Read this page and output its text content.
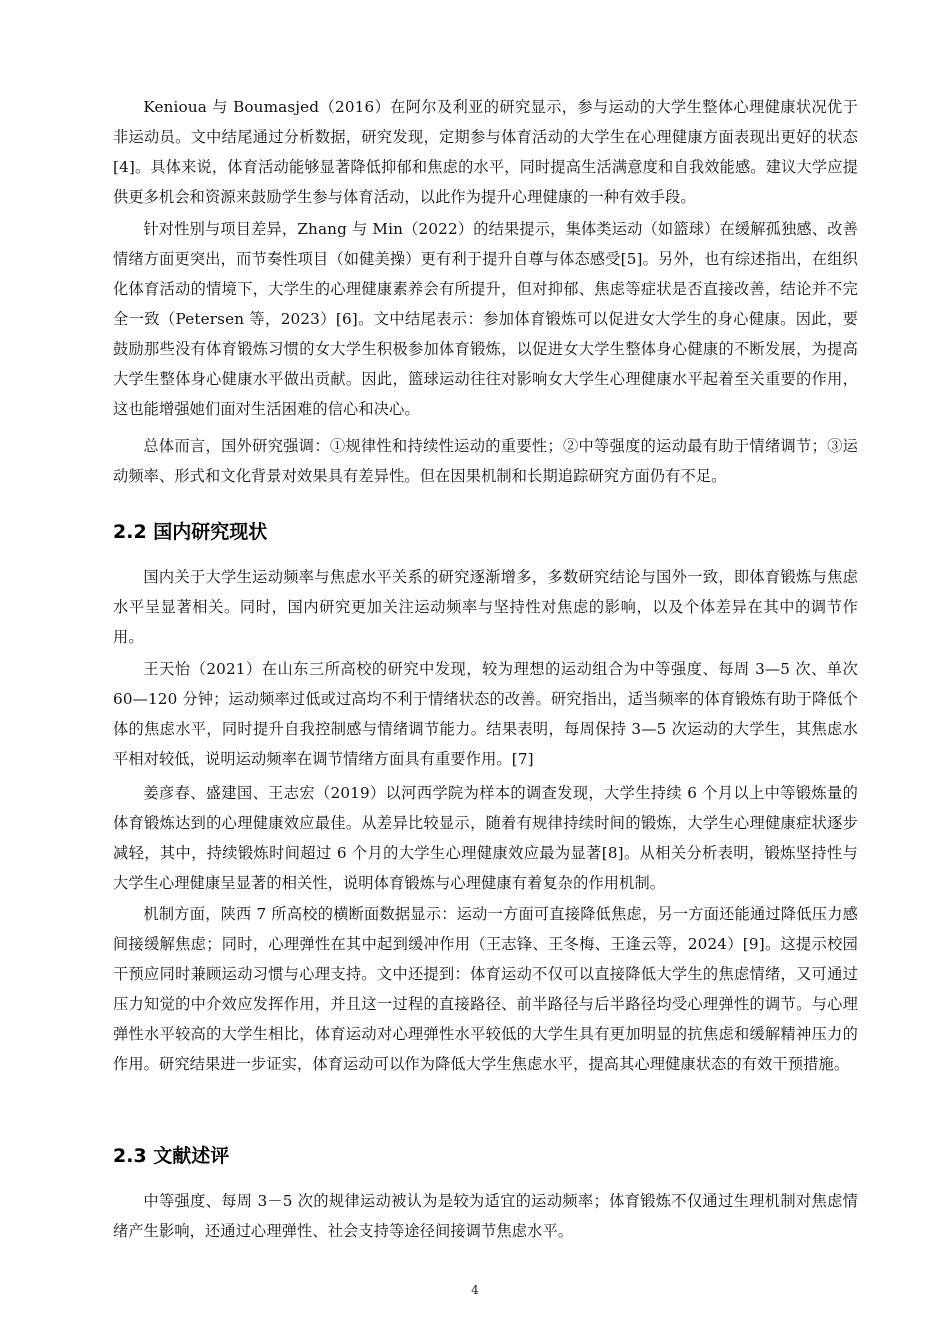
Kenioua 与 Boumasjed（2016）在阿尔及利亚的研究显示，参与运动的大学生整体心理健康状况优于非运动员。文中结尾通过分析数据，研究发现，定期参与体育活动的大学生在心理健康方面表现出更好的状态[4]。具体来说，体育活动能够显著降低抑郁和焦虑的水平，同时提高生活满意度和自我效能感。建议大学应提供更多机会和资源来鼓励学生参与体育活动，以此作为提升心理健康的一种有效手段。

针对性别与项目差异，Zhang 与 Min（2022）的结果提示，集体类运动（如篮球）在缓解孤独感、改善情绪方面更突出，而节奏性项目（如健美操）更有利于提升自尊与体态感受[5]。另外，也有综述指出，在组织化体育活动的情境下，大学生的心理健康素养会有所提升，但对抑郁、焦虑等症状是否直接改善，结论并不完全一致（Petersen 等，2023）[6]。文中结尾表示：参加体育锻炼可以促进女大学生的身心健康。因此，要鼓励那些没有体育锻炼习惯的女大学生积极参加体育锻炼，以促进女大学生整体身心健康的不断发展，为提高大学生整体身心健康水平做出贡献。因此，篮球运动往往对影响女大学生心理健康水平起着至关重要的作用，这也能增强她们面对生活困难的信心和决心。

总体而言，国外研究强调：①规律性和持续性运动的重要性；②中等强度的运动最有助于情绪调节；③运动频率、形式和文化背景对效果具有差异性。但在因果机制和长期追踪研究方面仍有不足。

2.2 国内研究现状

国内关于大学生运动频率与焦虑水平关系的研究逐渐增多，多数研究结论与国外一致，即体育锻炼与焦虑水平呈显著相关。同时，国内研究更加关注运动频率与坚持性对焦虑的影响，以及个体差异在其中的调节作用。

王天怡（2021）在山东三所高校的研究中发现，较为理想的运动组合为中等强度、每周 3—5 次、单次 60—120 分钟；运动频率过低或过高均不利于情绪状态的改善。研究指出，适当频率的体育锻炼有助于降低个体的焦虑水平，同时提升自我控制感与情绪调节能力。结果表明，每周保持 3—5 次运动的大学生，其焦虑水平相对较低，说明运动频率在调节情绪方面具有重要作用。[7]

姜彦春、盛建国、王志宏（2019）以河西学院为样本的调查发现，大学生持续 6 个月以上中等锻炼量的体育锻炼达到的心理健康效应最佳。从差异比较显示，随着有规律持续时间的锻炼，大学生心理健康症状逐步减轻，其中，持续锻炼时间超过 6 个月的大学生心理健康效应最为显著[8]。从相关分析表明，锻炼坚持性与大学生心理健康呈显著的相关性，说明体育锻炼与心理健康有着复杂的作用机制。

机制方面，陕西 7 所高校的横断面数据显示：运动一方面可直接降低焦虑，另一方面还能通过降低压力感间接缓解焦虑；同时，心理弹性在其中起到缓冲作用（王志锋、王冬梅、王逢云等，2024）[9]。这提示校园干预应同时兼顾运动习惯与心理支持。文中还提到：体育运动不仅可以直接降低大学生的焦虑情绪，又可通过压力知觉的中介效应发挥作用，并且这一过程的直接路径、前半路径与后半路径均受心理弹性的调节。与心理弹性水平较高的大学生相比，体育运动对心理弹性水平较低的大学生具有更加明显的抗焦虑和缓解精神压力的作用。研究结果进一步证实，体育运动可以作为降低大学生焦虑水平，提高其心理健康状态的有效干预措施。

2.3 文献述评

中等强度、每周 3－5 次的规律运动被认为是较为适宜的运动频率；体育锻炼不仅通过生理机制对焦虑情绪产生影响，还通过心理弹性、社会支持等途径间接调节焦虑水平。

4
